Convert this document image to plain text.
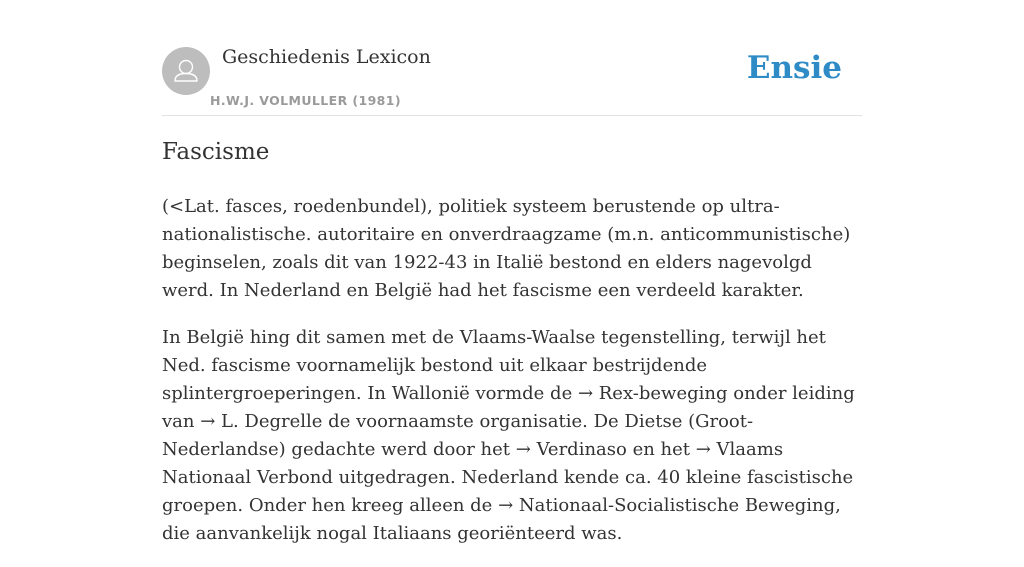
Geschiedenis Lexicon
H.W.J. VOLMULLER (1981)
Ensie
Fascisme

(<Lat. fasces, roedenbundel), politiek systeem berustende op ultra-nationalistische. autoritaire en onverdraagzame (m.n. anticommunistische) beginselen, zoals dit van 1922-43 in Italië bestond en elders nagevolgd werd. In Nederland en België had het fascisme een verdeeld karakter.

In België hing dit samen met de Vlaams-Waalse tegenstelling, terwijl het Ned. fascisme voornamelijk bestond uit elkaar bestrijdende splintergroeperingen. In Wallonië vormde de → Rex-beweging onder leiding van → L. Degrelle de voornaamste organisatie. De Dietse (Groot-Nederlandse) gedachte werd door het → Verdinaso en het → Vlaams Nationaal Verbond uitgedragen. Nederland kende ca. 40 kleine fascistische groepen. Onder hen kreeg alleen de → Nationaal-Socialistische Beweging, die aanvankelijk nogal Italiaans georiënteerd was.
